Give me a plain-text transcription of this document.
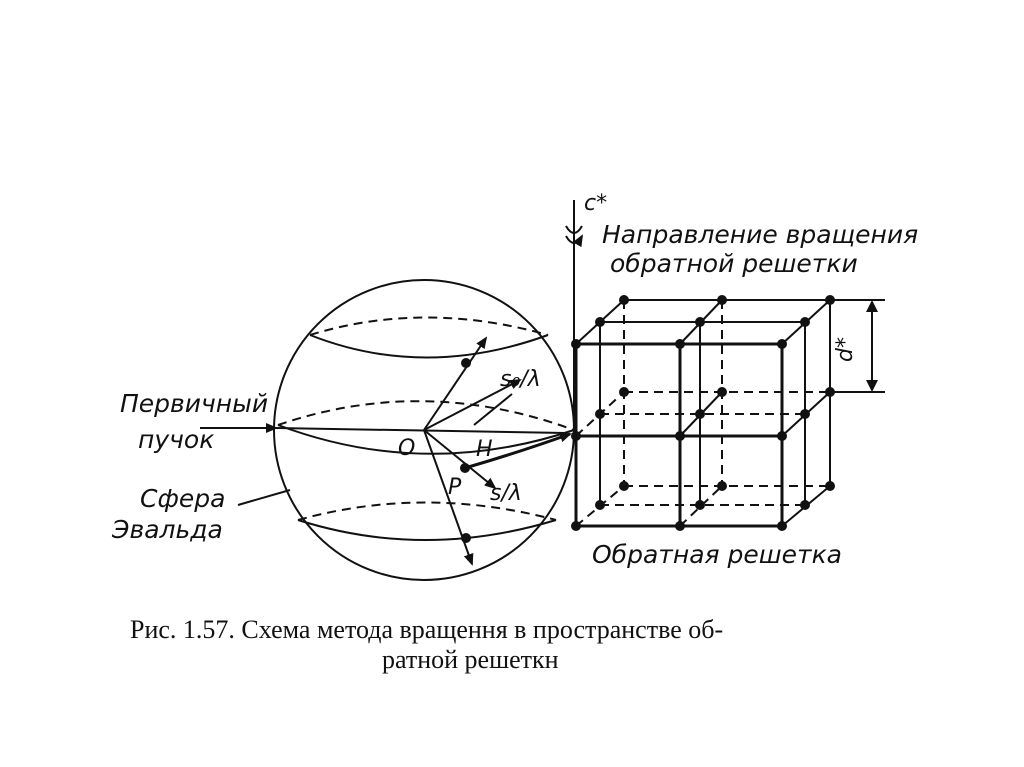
c*
Направление вращения
обратной решетки
Первичный
пучок
Сфера
Эвальда
O
P
s₀/λ
s/λ
H
d*
Обратная решетка
Рис. 1.57. Схема метода вращення в пространстве об-
ратной решеткн
